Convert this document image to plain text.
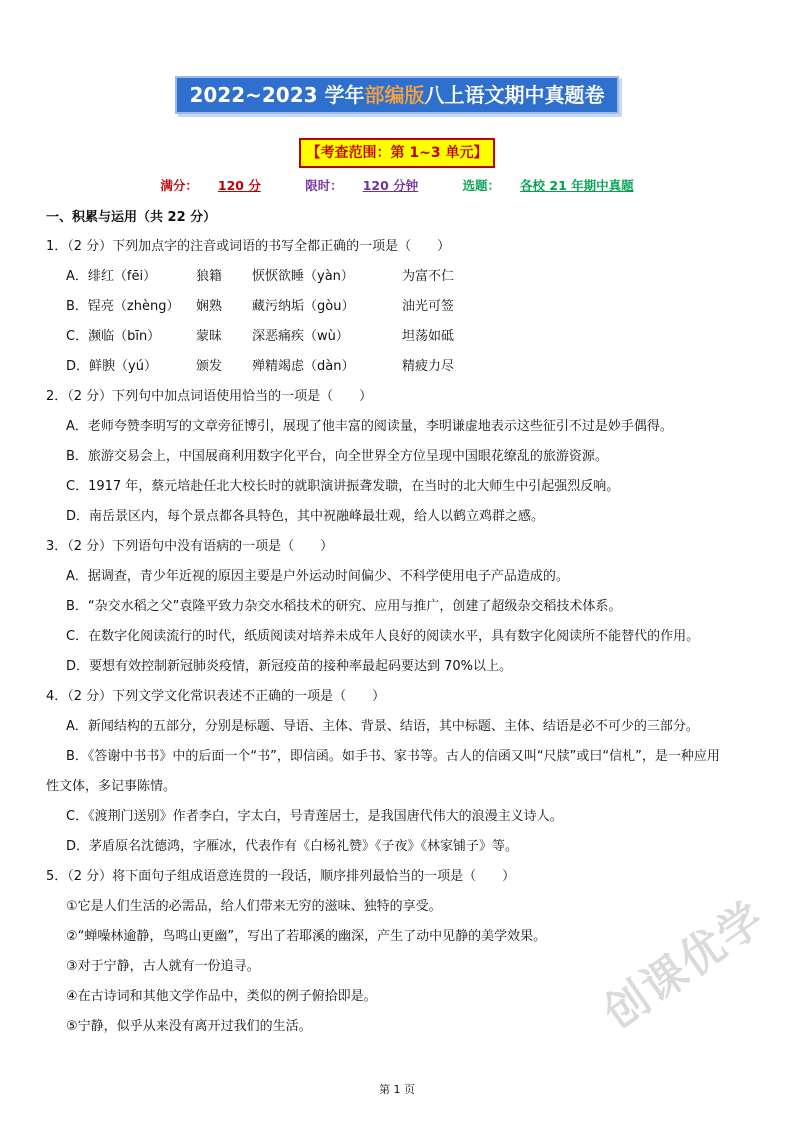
2022~2023 学年部编版八上语文期中真题卷
【考查范围：第 1~3 单元】
满分： 120 分	限时： 120 分钟	选题： 各校 21 年期中真题
一、积累与运用（共 22 分）
1．（2 分）下列加点字的注音或词语的书写全都正确的一项是（　　）
A．绯红（fēi）	狼籍	恹恹欲睡（yàn）	为富不仁
B．锃亮（zhèng）	娴熟	藏污纳垢（gòu）	油光可签
C．濒临（bīn）	蒙昧	深恶痛疾（wù）	坦荡如砥
D．鲜腴（yú）	颁发	殚精竭虑（dàn）	精疲力尽
2．（2 分）下列句中加点词语使用恰当的一项是（　　）
A．老师夸赞李明写的文章旁征博引，展现了他丰富的阅读量，李明谦虚地表示这些征引不过是妙手偶得。
B．旅游交易会上，中国展商利用数字化平台，向全世界全方位呈现中国眼花缭乱的旅游资源。
C．1917 年，蔡元培赴任北大校长时的就职演讲振聋发聩，在当时的北大师生中引起强烈反响。
D．南岳景区内，每个景点都各具特色，其中祝融峰最壮观，给人以鹤立鸡群之感。
3．（2 分）下列语句中没有语病的一项是（　　）
A．据调查，青少年近视的原因主要是户外运动时间偏少、不科学使用电子产品造成的。
B．“杂交水稻之父”袁隆平致力杂交水稻技术的研究、应用与推广，创建了超级杂交稻技术体系。
C．在数字化阅读流行的时代，纸质阅读对培养未成年人良好的阅读水平，具有数字化阅读所不能替代的作用。
D．要想有效控制新冠肺炎疫情，新冠疫苗的接种率最起码要达到 70%以上。
4．（2 分）下列文学文化常识表述不正确的一项是（　　）
A．新闻结构的五部分，分别是标题、导语、主体、背景、结语，其中标题、主体、结语是必不可少的三部分。
B．《答谢中书书》中的后面一个“书”，即信函。如手书、家书等。古人的信函又叫“尺牍”或曰“信札”，是一种应用
性文体，多记事陈情。
C．《渡荆门送别》作者李白，字太白，号青莲居士，是我国唐代伟大的浪漫主义诗人。
D．茅盾原名沈德鸿，字雁冰，代表作有《白杨礼赞》《子夜》《林家铺子》等。
5．（2 分）将下面句子组成语意连贯的一段话，顺序排列最恰当的一项是（　　）
①它是人们生活的必需品，给人们带来无穷的滋味、独特的享受。
②“蝉噪林逾静，鸟鸣山更幽”，写出了若耶溪的幽深，产生了动中见静的美学效果。
③对于宁静，古人就有一份追寻。
④在古诗词和其他文学作品中，类似的例子俯拾即是。
⑤宁静，似乎从来没有离开过我们的生活。	创课优学
第 1 页
